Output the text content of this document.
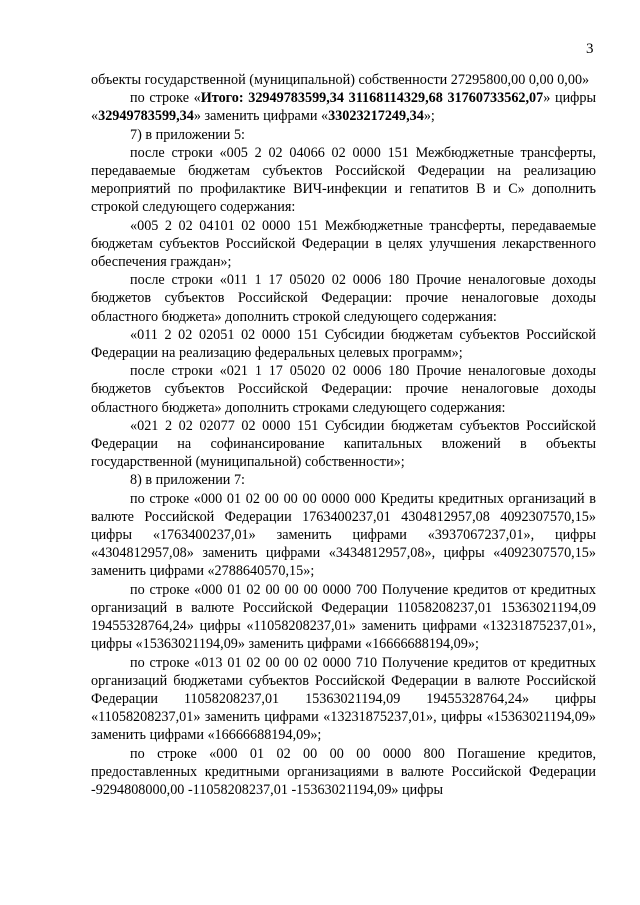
3

объекты государственной (муниципальной) собственности 27295800,00 0,00 0,00»

по строке «Итого: 32949783599,34 31168114329,68 31760733562,07» цифры «32949783599,34» заменить цифрами «33023217249,34»;

7) в приложении 5:

после строки «005 2 02 04066 02 0000 151 Межбюджетные трансферты, передаваемые бюджетам субъектов Российской Федерации на реализацию мероприятий по профилактике ВИЧ-инфекции и гепатитов B и C» дополнить строкой следующего содержания:

«005 2 02 04101 02 0000 151 Межбюджетные трансферты, передаваемые бюджетам субъектов Российской Федерации в целях улучшения лекарственного обеспечения граждан»;

после строки «011 1 17 05020 02 0006 180 Прочие неналоговые доходы бюджетов субъектов Российской Федерации: прочие неналоговые доходы областного бюджета» дополнить строкой следующего содержания:

«011 2 02 02051 02 0000 151 Субсидии бюджетам субъектов Российской Федерации на реализацию федеральных целевых программ»;

после строки «021 1 17 05020 02 0006 180 Прочие неналоговые доходы бюджетов субъектов Российской Федерации: прочие неналоговые доходы областного бюджета» дополнить строками следующего содержания:

«021 2 02 02077 02 0000 151 Субсидии бюджетам субъектов Российской Федерации на софинансирование капитальных вложений в объекты государственной (муниципальной) собственности»;

8) в приложении 7:

по строке «000 01 02 00 00 00 0000 000 Кредиты кредитных организаций в валюте Российской Федерации 1763400237,01 4304812957,08 4092307570,15» цифры «1763400237,01» заменить цифрами «3937067237,01», цифры «4304812957,08» заменить цифрами «3434812957,08», цифры «4092307570,15» заменить цифрами «2788640570,15»;

по строке «000 01 02 00 00 00 0000 700 Получение кредитов от кредитных организаций в валюте Российской Федерации 11058208237,01 15363021194,09 19455328764,24» цифры «11058208237,01» заменить цифрами «13231875237,01», цифры «15363021194,09» заменить цифрами «16666688194,09»;

по строке «013 01 02 00 00 02 0000 710 Получение кредитов от кредитных организаций бюджетами субъектов Российской Федерации в валюте Российской Федерации 11058208237,01 15363021194,09 19455328764,24» цифры «11058208237,01» заменить цифрами «13231875237,01», цифры «15363021194,09» заменить цифрами «16666688194,09»;

по строке «000 01 02 00 00 00 0000 800 Погашение кредитов, предоставленных кредитными организациями в валюте Российской Федерации -9294808000,00 -11058208237,01 -15363021194,09» цифры
